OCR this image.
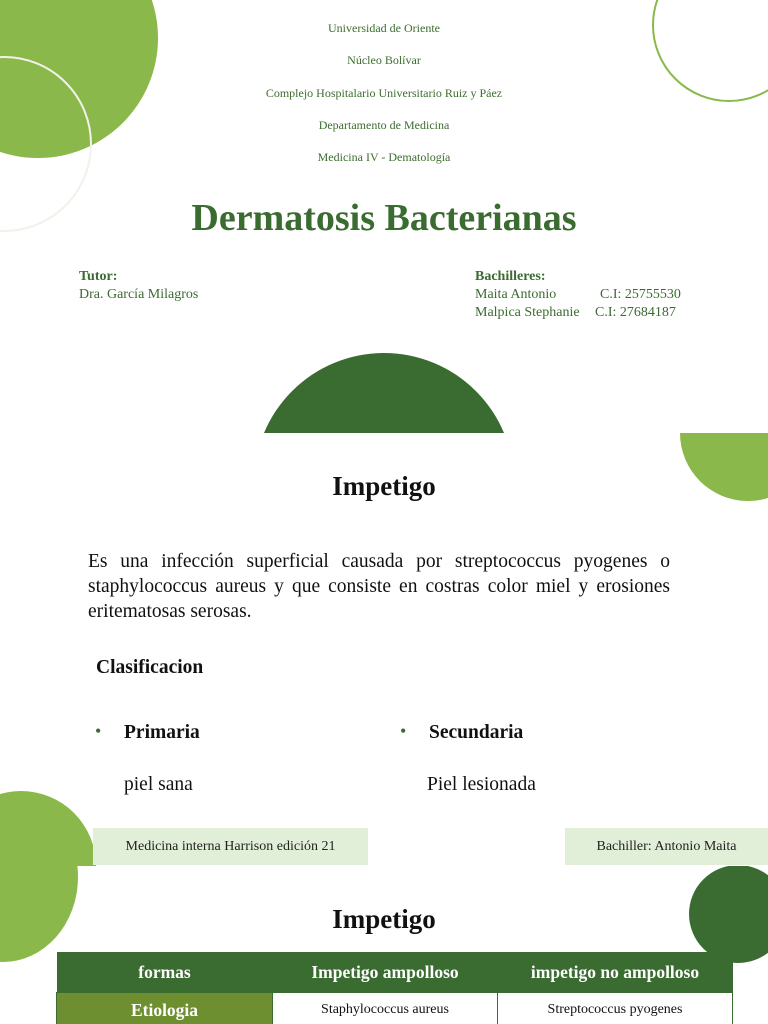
Universidad de Oriente
Núcleo Bolívar
Complejo Hospitalario Universitario Ruiz y Páez
Departamento de Medicina
Medicina IV - Dematología
Dermatosis Bacterianas
Tutor:
Dra. García Milagros
Bachilleres:
Maita Antonio	C.I: 25755530
Malpica Stephanie C.I: 27684187
Impetigo
Es una infección superficial causada por streptococcus pyogenes o staphylococcus aureus y que consiste en costras color miel y erosiones eritematosas serosas.
Clasificacion
• Primaria
piel sana
• Secundaria
Piel lesionada
Medicina interna Harrison edición 21	Bachiller: Antonio Maita
Impetigo
formas	Impetigo ampolloso	impetigo no ampolloso
Etiologia	Staphylococcus aureus	Streptococcus pyogenes
